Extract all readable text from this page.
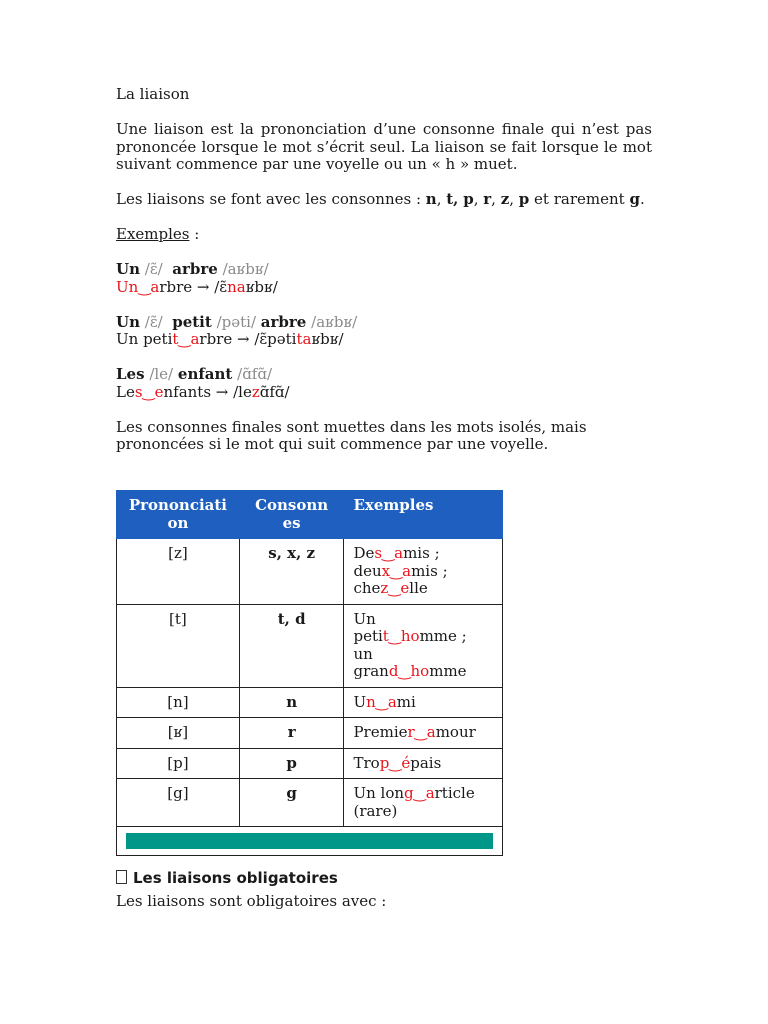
La liaison

Une liaison est la prononciation d’une consonne finale qui n’est pas prononcée lorsque le mot s’écrit seul. La liaison se fait lorsque le mot suivant commence par une voyelle ou un « h » muet.

Les liaisons se font avec les consonnes : n, t, p, r, z, p et rarement g.

Exemples :

Un /ɛ̃/ arbre /aʁbʁ/

Un‿arbre → /ɛ̃naʁbʁ/

Un /ɛ̃/ petit /pəti/ arbre /aʁbʁ/

Un petit‿arbre → /ɛ̃pətitaʁbʁ/

Les /le/ enfant /ɑ̃fɑ̃/

Les‿enfants → /lezɑ̃fɑ̃/

Les consonnes finales sont muettes dans les mots isolés, mais prononcées si le mot qui suit commence par une voyelle.

Prononciati on	Consonn es	Exemples
[z]	s, x, z	Des‿amis ;
deux‿amis ;
chez‿elle
[t]	t, d	Un
petit‿homme ;
un
grand‿homme
[n]	n	Un‿ami
[ʁ]	r	Premier‿amour
[p]	p	Trop‿épais
[g]	g	Un long‿article
(rare)

Les liaisons obligatoires

Les liaisons sont obligatoires avec :
